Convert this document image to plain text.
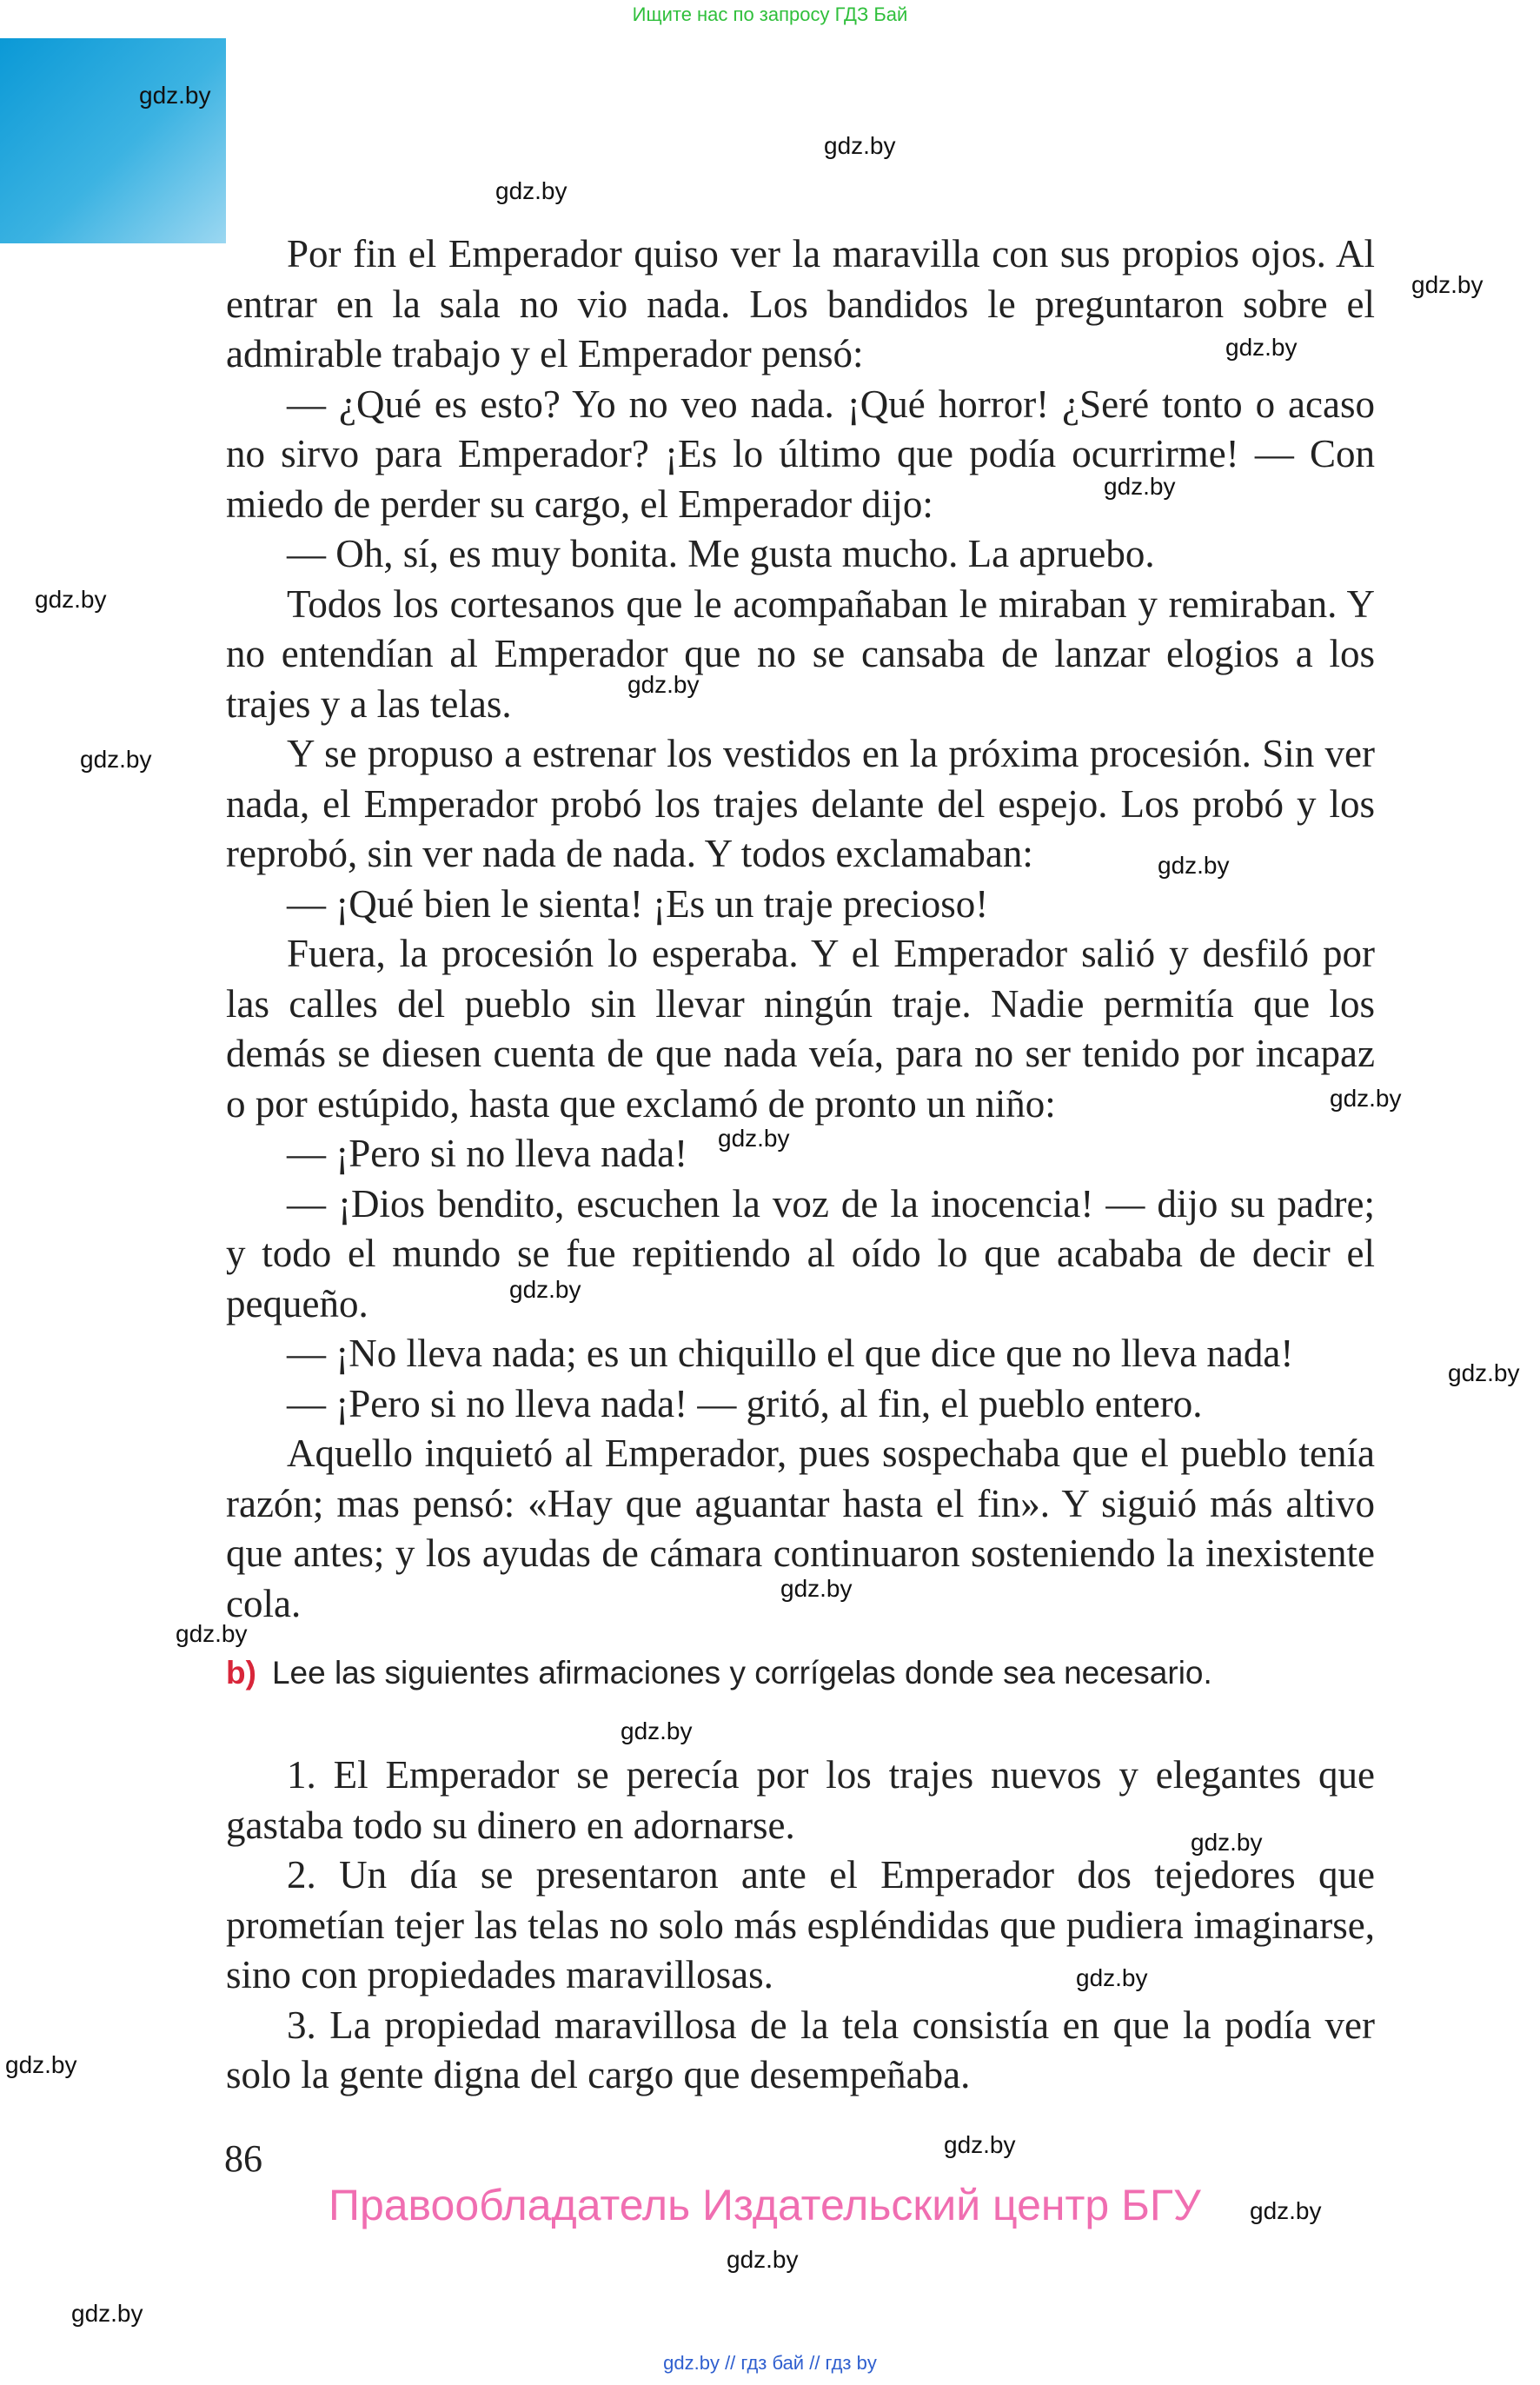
Ищите нас по запросу ГДЗ Бай

Por fin el Emperador quiso ver la maravilla con sus propios ojos. Al entrar en la sala no vio nada. Los bandidos le preguntaron sobre el admirable trabajo y el Emperador pensó:

— ¿Qué es esto? Yo no veo nada. ¡Qué horror! ¿Seré tonto o acaso no sirvo para Emperador? ¡Es lo último que podía ocurrirme! — Con miedo de perder su cargo, el Emperador dijo:

— Oh, sí, es muy bonita. Me gusta mucho. La apruebo.

Todos los cortesanos que le acompañaban le miraban y remiraban. Y no entendían al Emperador que no se cansaba de lanzar elogios a los trajes y a las telas.

Y se propuso a estrenar los vestidos en la próxima procesión. Sin ver nada, el Emperador probó los trajes delante del espejo. Los probó y los reprobó, sin ver nada de nada. Y todos exclamaban:

— ¡Qué bien le sienta! ¡Es un traje precioso!

Fuera, la procesión lo esperaba. Y el Emperador salió y desfiló por las calles del pueblo sin llevar ningún traje. Nadie permitía que los demás se diesen cuenta de que nada veía, para no ser tenido por incapaz o por estúpido, hasta que exclamó de pronto un niño:

— ¡Pero si no lleva nada!

— ¡Dios bendito, escuchen la voz de la inocencia! — dijo su padre; y todo el mundo se fue repitiendo al oído lo que acababa de decir el pequeño.

— ¡No lleva nada; es un chiquillo el que dice que no lleva nada!

— ¡Pero si no lleva nada! — gritó, al fin, el pueblo entero.

Aquello inquietó al Emperador, pues sospechaba que el pueblo tenía razón; mas pensó: «Hay que aguantar hasta el fin». Y siguió más altivo que antes; y los ayudas de cámara continuaron sosteniendo la inexistente cola.

b) Lee las siguientes afirmaciones y corrígelas donde sea necesario.

1. El Emperador se perecía por los trajes nuevos y elegantes que gastaba todo su dinero en adornarse.

2. Un día se presentaron ante el Emperador dos tejedores que prometían tejer las telas no solo más espléndidas que pudiera imaginarse, sino con propiedades maravillosas.

3. La propiedad maravillosa de la tela consistía en que la podía ver solo la gente digna del cargo que desempeñaba.

86
Правообладатель Издательский центр БГУ
gdz.by // гдз бай // гдз by
gdz.by
gdz.by
gdz.by
gdz.by
gdz.by
gdz.by
gdz.by
gdz.by
gdz.by
gdz.by
gdz.by
gdz.by
gdz.by
gdz.by
gdz.by
gdz.by
gdz.by
gdz.by
gdz.by
gdz.by
gdz.by
gdz.by
gdz.by
gdz.by
